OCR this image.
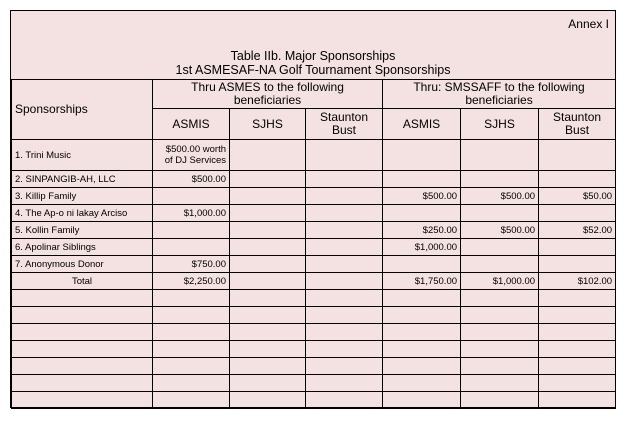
Annex I
Table IIb. Major Sponsorships
1st ASMESAF-NA Golf Tournament Sponsorships
Sponsorships	Thru ASMES to the following beneficiaries			Thru: SMSSAFF to the following beneficiaries		
	ASMIS	SJHS	Staunton Bust	ASMIS	SJHS	Staunton Bust
1. Trini Music	$500.00 worth of DJ Services					
2. SINPANGIB-AH, LLC	$500.00					
3. Killip Family				$500.00	$500.00	$50.00
4. The Ap-o ni lakay Arciso	$1,000.00					
5. Kollin Family				$250.00	$500.00	$52.00
6. Apolinar Siblings				$1,000.00		
7. Anonymous Donor	$750.00					
Total	$2,250.00			$1,750.00	$1,000.00	$102.00
